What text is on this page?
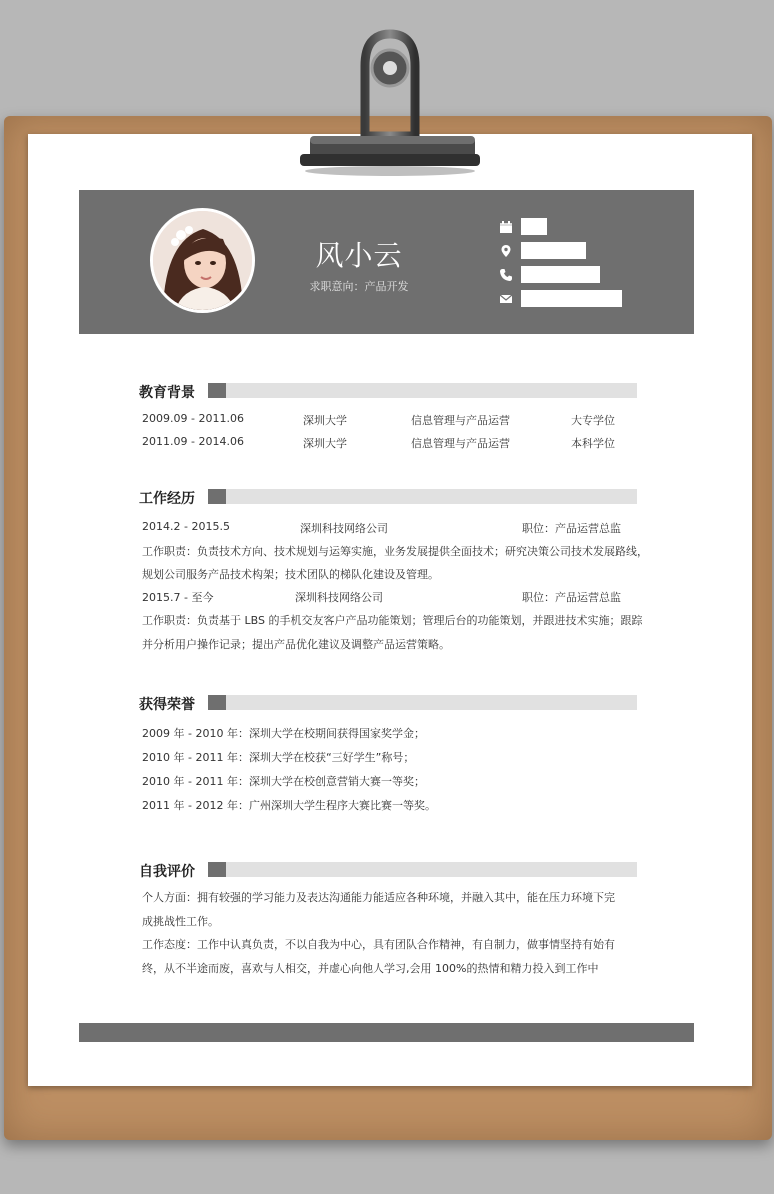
风小云
求职意向：产品开发
教育背景
2009.09 - 2011.06	深圳大学	信息管理与产品运营	大专学位
2011.09 - 2014.06	深圳大学	信息管理与产品运营	本科学位
工作经历
2014.2 - 2015.5	深圳科技网络公司	职位：产品运营总监
工作职责：负责技术方向、技术规划与运筹实施，业务发展提供全面技术；研究决策公司技术发展路线，
规划公司服务产品技术构架；技术团队的梯队化建设及管理。
2015.7 - 至今	深圳科技网络公司	职位：产品运营总监
工作职责：负责基于 LBS 的手机交友客户产品功能策划；管理后台的功能策划，并跟进技术实施；跟踪
并分析用户操作记录；提出产品优化建议及调整产品运营策略。
获得荣誉
2009 年 - 2010 年：深圳大学在校期间获得国家奖学金；
2010 年 - 2011 年：深圳大学在校获“三好学生”称号；
2010 年 - 2011 年：深圳大学在校创意营销大赛一等奖；
2011 年 - 2012 年：广州深圳大学生程序大赛比赛一等奖。
自我评价
个人方面：拥有较强的学习能力及表达沟通能力能适应各种环境，并融入其中，能在压力环境下完成挑战性工作。
工作态度：工作中认真负责，不以自我为中心，具有团队合作精神，有自制力，做事情坚持有始有终，从不半途而废，喜欢与人相交，并虚心向他人学习,会用 100%的热情和精力投入到工作中
